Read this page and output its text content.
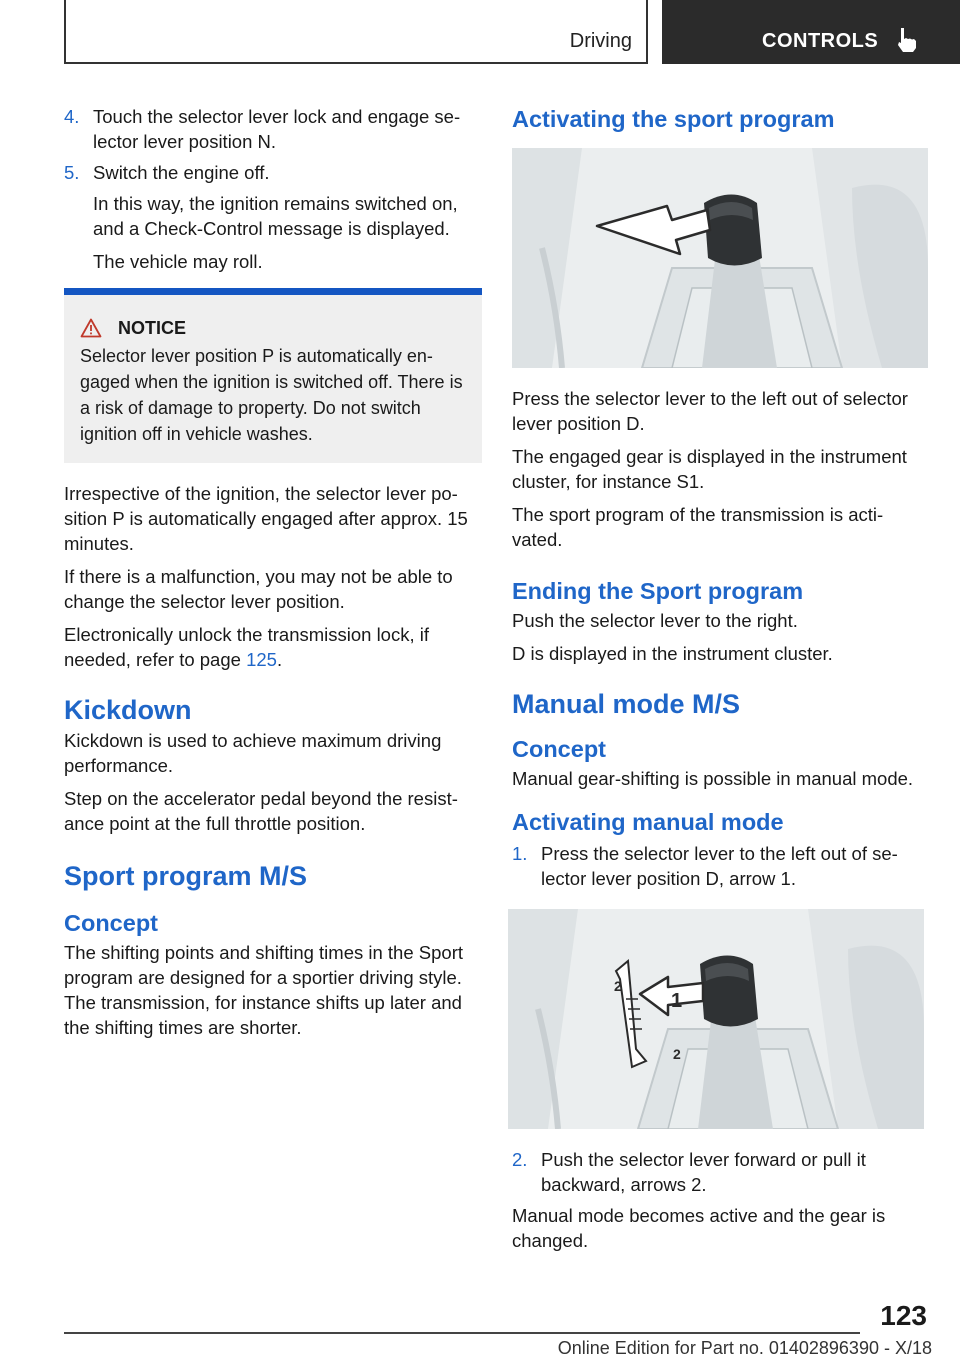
Driving	CONTROLS
4. Touch the selector lever lock and engage se‐ lector lever position N.
5. Switch the engine off.

In this way, the ignition remains switched on, and a Check-Control message is displayed.

The vehicle may roll.

NOTICE
Selector lever position P is automatically en‐ gaged when the ignition is switched off. There is a risk of damage to property. Do not switch ignition off in vehicle washes.

Irrespective of the ignition, the selector lever po‐ sition P is automatically engaged after approx. 15 minutes.

If there is a malfunction, you may not be able to change the selector lever position.

Electronically unlock the transmission lock, if needed, refer to page 125.

Kickdown

Kickdown is used to achieve maximum driving performance.

Step on the accelerator pedal beyond the resist‐ ance point at the full throttle position.

Sport program M/S
Concept

The shifting points and shifting times in the Sport program are designed for a sportier driving style. The transmission, for instance shifts up later and the shifting times are shorter.

Activating the sport program

Press the selector lever to the left out of selector lever position D.

The engaged gear is displayed in the instrument cluster, for instance S1.

The sport program of the transmission is acti‐ vated.

Ending the Sport program

Push the selector lever to the right.

D is displayed in the instrument cluster.

Manual mode M/S
Concept

Manual gear-shifting is possible in manual mode.

Activating manual mode
1. Press the selector lever to the left out of se‐ lector lever position D, arrow 1.
1
2
2
2. Push the selector lever forward or pull it backward, arrows 2.

Manual mode becomes active and the gear is changed.

123
Online Edition for Part no. 01402896390 - X/18
